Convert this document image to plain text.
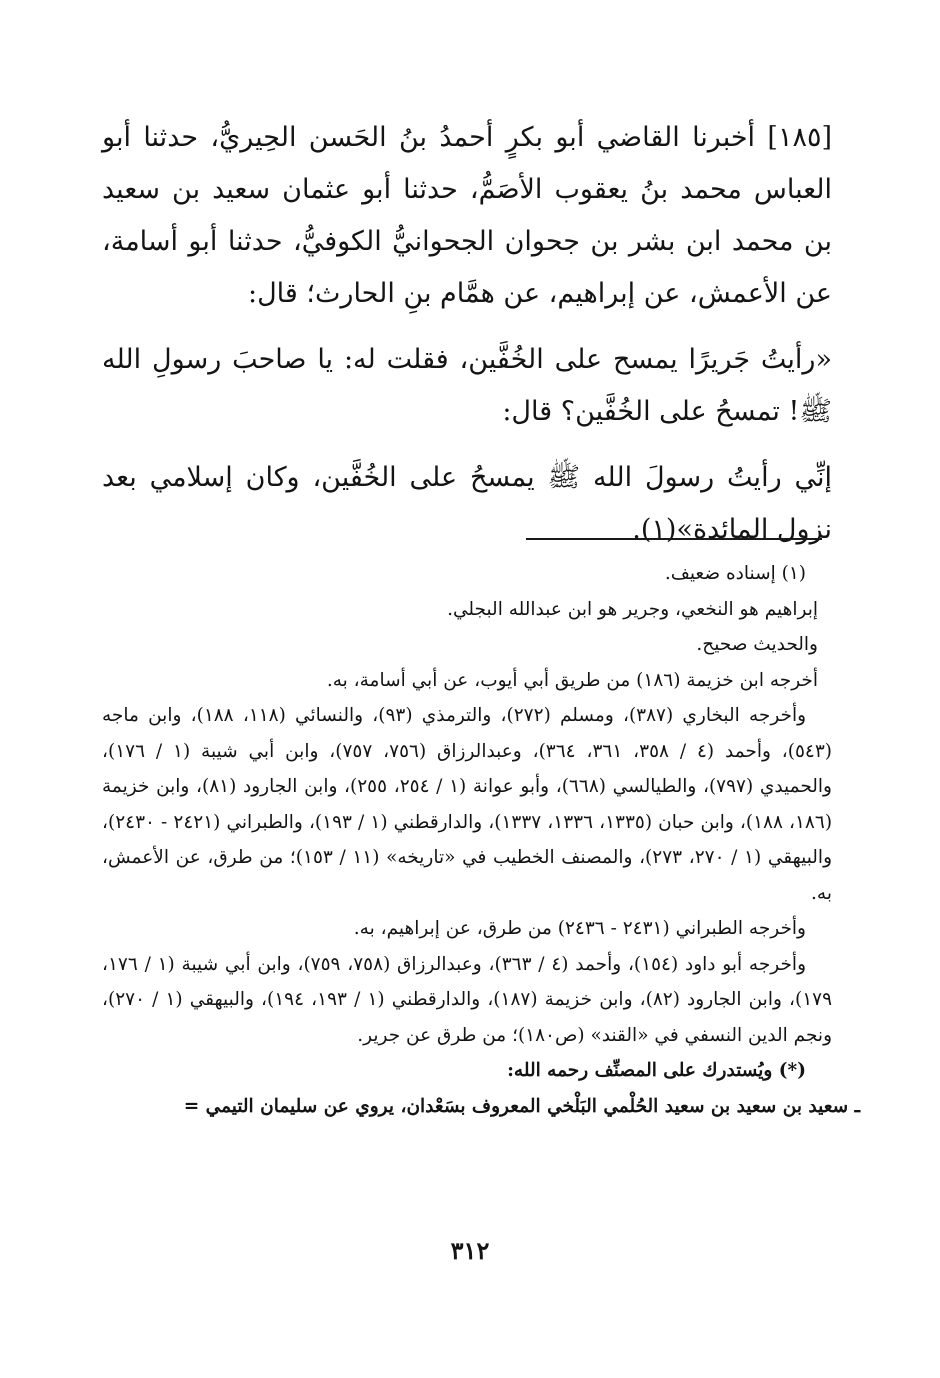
[١٨٥] أخبرنا القاضي أبو بكرٍ أحمدُ بنُ الحَسن الحِيريُّ، حدثنا أبو العباس محمد بنُ يعقوب الأصَمُّ، حدثنا أبو عثمان سعيد بن سعيد بن محمد ابن بشر بن جحوان الجحوانيُّ الكوفيُّ، حدثنا أبو أسامة، عن الأعمش، عن إبراهيم، عن همَّام بنِ الحارث؛ قال:

«رأيتُ جَريرًا يمسح على الخُفَّين، فقلت له: يا صاحبَ رسولِ الله ﷺ! تمسحُ على الخُفَّين؟ قال:

إنِّي رأيتُ رسولَ الله ﷺ يمسحُ على الخُفَّين، وكان إسلامي بعد نزول المائدة»(١).

(١) إسناده ضعيف.

إبراهيم هو النخعي، وجرير هو ابن عبدالله البجلي.

والحديث صحيح.

أخرجه ابن خزيمة (١٨٦) من طريق أبي أيوب، عن أبي أسامة، به.

وأخرجه البخاري (٣٨٧)، ومسلم (٢٧٢)، والترمذي (٩٣)، والنسائي (١١٨، ١٨٨)، وابن ماجه (٥٤٣)، وأحمد (٤ / ٣٥٨، ٣٦١، ٣٦٤)، وعبدالرزاق (٧٥٦، ٧٥٧)، وابن أبي شيبة (١ / ١٧٦)، والحميدي (٧٩٧)، والطيالسي (٦٦٨)، وأبو عوانة (١ / ٢٥٤، ٢٥٥)، وابن الجارود (٨١)، وابن خزيمة (١٨٦، ١٨٨)، وابن حبان (١٣٣٥، ١٣٣٦، ١٣٣٧)، والدارقطني (١ / ١٩٣)، والطبراني (٢٤٢١ - ٢٤٣٠)، والبيهقي (١ / ٢٧٠، ٢٧٣)، والمصنف الخطيب في «تاريخه» (١١ / ١٥٣)؛ من طرق، عن الأعمش، به.

وأخرجه الطبراني (٢٤٣١ - ٢٤٣٦) من طرق، عن إبراهيم، به.

وأخرجه أبو داود (١٥٤)، وأحمد (٤ / ٣٦٣)، وعبدالرزاق (٧٥٨، ٧٥٩)، وابن أبي شيبة (١ / ١٧٦، ١٧٩)، وابن الجارود (٨٢)، وابن خزيمة (١٨٧)، والدارقطني (١ / ١٩٣، ١٩٤)، والبيهقي (١ / ٢٧٠)، ونجم الدين النسفي في «القند» (ص١٨٠)؛ من طرق عن جرير.

(*) ويُستدرك على المصنِّف رحمه الله:

ـ سعيد بن سعيد بن سعيد الحُلْمي البَلْخي المعروف بسَعْدان، يروي عن سليمان التيمي =

٣١٢
